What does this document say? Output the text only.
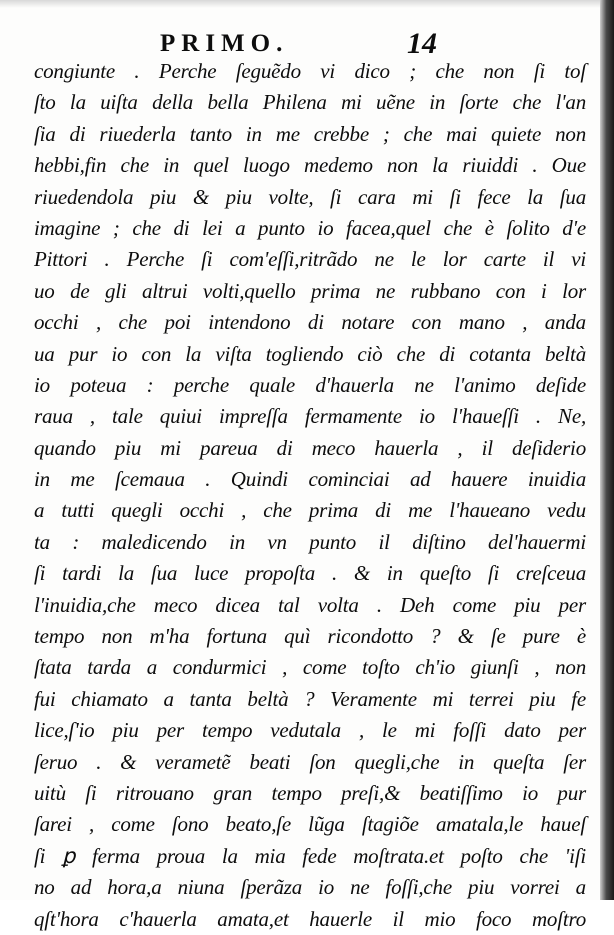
PRIMO.	14
congiunte . Perche ſeguẽdo vi dico ; che non ſi toſ
ſto la uiſta della bella Philena mi uẽne in ſorte che l'an
ſia di riuederla tanto in me crebbe ; che mai quiete non
hebbi,fin che in quel luogo medemo non la riuiddi . Oue
riuedendola piu & piu volte, ſi cara mi ſi fece la ſua
imagine ; che di lei a punto io facea,quel che è ſolito d'e
Pittori . Perche ſi com'eſſi,ritrãdo ne le lor carte il vi
uo de gli altrui volti,quello prima ne rubbano con i lor
occhi , che poi intendono di notare con mano , anda
ua pur io con la viſta togliendo ciò che di cotanta beltà
io poteua : perche quale d'hauerla ne l'animo deſide
raua , tale quiui impreſſa fermamente io l'haueſſi . Ne,
quando piu mi pareua di meco hauerla , il deſiderio
in me ſcemaua . Quindi cominciai ad hauere inuidia
a tutti quegli occhi , che prima di me l'haueano vedu
ta : maledicendo in vn punto il diſtino del'hauermi
ſi tardi la ſua luce propoſta . & in queſto ſi creſceua
l'inuidia,che meco dicea tal volta . Deh come piu per
tempo non m'ha fortuna quì ricondotto ? & ſe pure è
ſtata tarda a condurmici , come toſto ch'io giunſi , non
fui chiamato a tanta beltà ? Veramente mi terrei piu fe
lice,ſ'io piu per tempo vedutala , le mi foſſi dato per
ſeruo . & verametẽ beati ſon quegli,che in queſta ſer
uitù ſi ritrouano gran tempo preſi,& beatiſſimo io pur
ſarei , come ſono beato,ſe lũga ſtagiõe amatala,le haueſ
ſi ꝑ ferma proua la mia fede moſtrata.et poſto che 'iſi
no ad hora,a niuna ſperãza io ne foſſi,che piu vorrei a
qſt'hora c'hauerla amata,et hauerle il mio foco moſtro
